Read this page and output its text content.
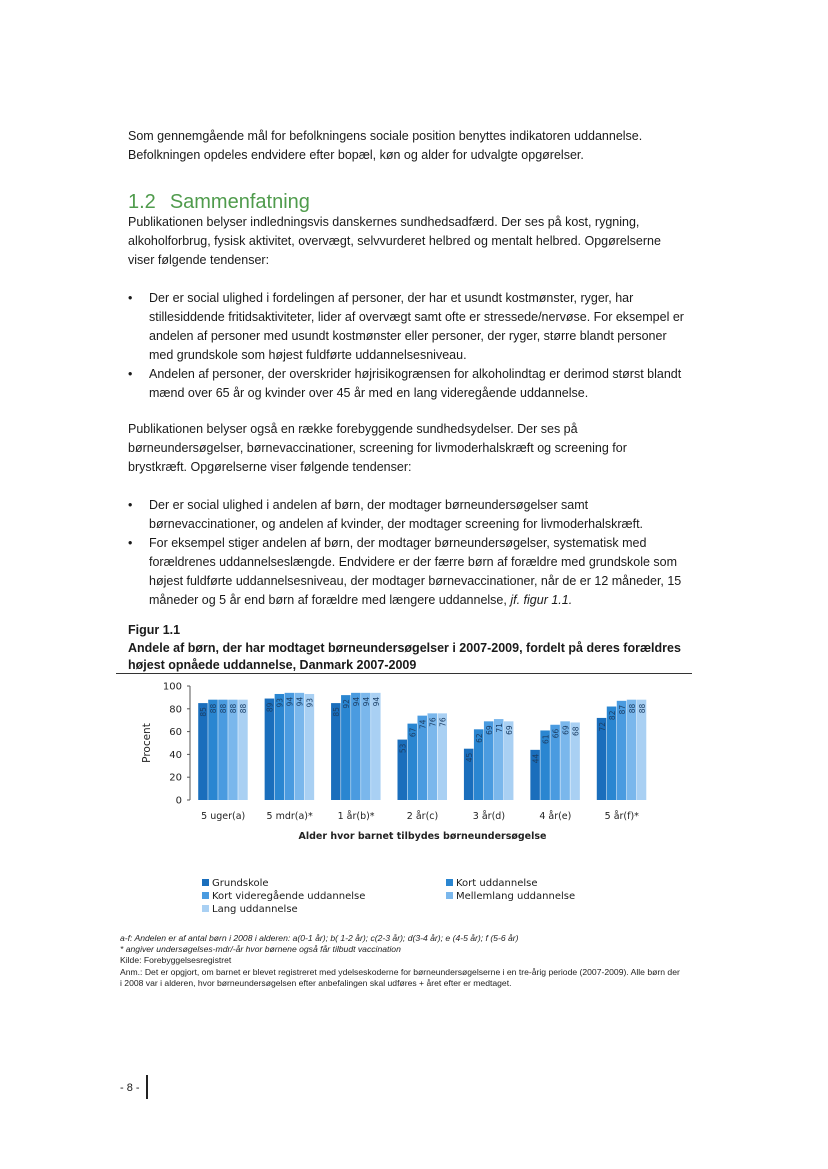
Som gennemgående mål for befolkningens sociale position benyttes indikatoren uddannelse. Befolkningen opdeles endvidere efter bopæl, køn og alder for udvalgte opgørelser.

1.2 Sammenfatning

Publikationen belyser indledningsvis danskernes sundhedsadfærd. Der ses på kost, rygning, alkoholforbrug, fysisk aktivitet, overvægt, selvvurderet helbred og mentalt helbred. Opgørelserne viser følgende tendenser:

• Der er social ulighed i fordelingen af personer, der har et usundt kostmønster, ryger, har stillesiddende fritidsaktiviteter, lider af overvægt samt ofte er stressede/nervøse. For eksempel er andelen af personer med usundt kostmønster eller personer, der ryger, større blandt personer med grundskole som højest fuldførte uddannelsesniveau.
• Andelen af personer, der overskrider højrisikogrænsen for alkoholindtag er derimod størst blandt mænd over 65 år og kvinder over 45 år med en lang videregående uddannelse.

Publikationen belyser også en række forebyggende sundhedsydelser. Der ses på børneundersøgelser, børnevaccinationer, screening for livmoderhalskræft og screening for brystkræft. Opgørelserne viser følgende tendenser:

• Der er social ulighed i andelen af børn, der modtager børneundersøgelser samt børnevaccinationer, og andelen af kvinder, der modtager screening for livmoderhalskræft.
• For eksempel stiger andelen af børn, der modtager børneundersøgelser, systematisk med forældrenes uddannelseslængde. Endvidere er der færre børn af forældre med grundskole som højest fuldførte uddannelsesniveau, der modtager børnevaccinationer, når de er 12 måneder, 15 måneder og 5 år end børn af forældre med længere uddannelse, jf. figur 1.1.
Figur 1.1
Andele af børn, der har modtaget børneundersøgelser i 2007-2009, fordelt på deres forældres højest opnåede uddannelse, Danmark 2007-2009
0
20
40
60
80
100
Procent
85 88 88 88 88
5 uger(a)
89 93 94 94 93
5 mdr(a)*
85
92 94 94 94
1 år(b)*
53
67
74 76 76
2 år(c)
45
62
69 71 69
3 år(d)
44
61
66 69 68
4 år(e)
72
82
87 88 88
5 år(f)*
Alder hvor barnet tilbydes børneundersøgelse
Grundskole	Kort uddannelse
Kort videregående uddannelse	Mellemlang uddannelse
Lang uddannelse
a-f: Andelen er af antal børn i 2008 i alderen: a(0-1 år); b( 1-2 år); c(2-3 år); d(3-4 år); e (4-5 år); f (5-6 år)
* angiver undersøgelses-mdr/-år hvor børnene også får tilbudt vaccination
Kilde: Forebyggelsesregistret
Anm.: Det er opgjort, om barnet er blevet registreret med ydelseskoderne for børneundersøgelserne i en tre-årig periode (2007-2009). Alle børn der i 2008 var i alderen, hvor børneundersøgelsen efter anbefalingen skal udføres + året efter er medtaget.
- 8 -
